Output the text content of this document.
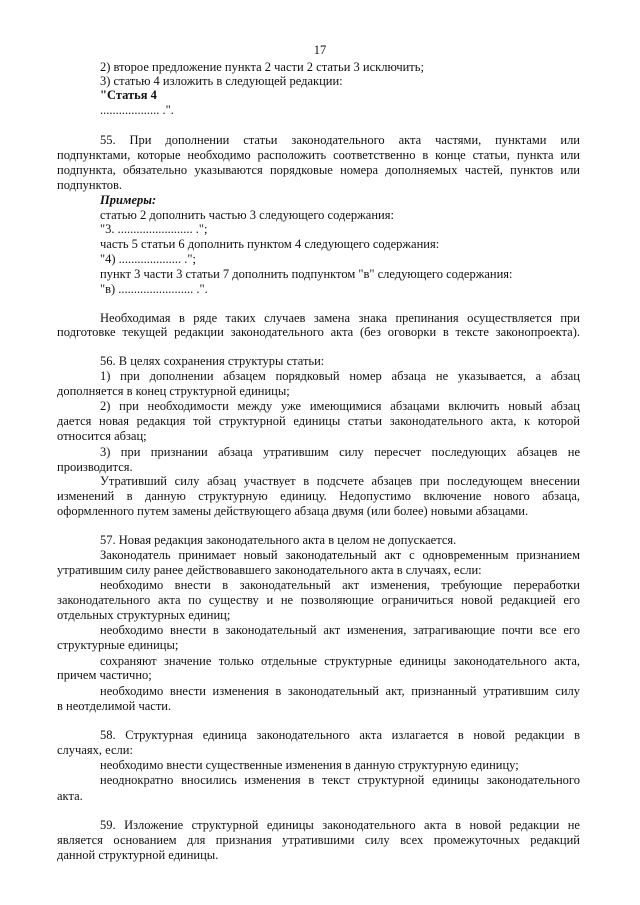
17
2) второе предложение пункта 2 части 2 статьи 3 исключить;
3) статью 4 изложить в следующей редакции:
"Статья 4
................... .".
55. При дополнении статьи законодательного акта частями, пунктами или
подпунктами, которые необходимо расположить соответственно в конце статьи, пункта или
подпункта, обязательно указываются порядковые номера дополняемых частей, пунктов или
подпунктов.
Примеры:
статью 2 дополнить частью 3 следующего содержания:
"3. ........................ .";
часть 5 статьи 6 дополнить пунктом 4 следующего содержания:
"4) .................... .";
пункт 3 части 3 статьи 7 дополнить подпунктом "в" следующего содержания:
"в) ........................ .".
Необходимая в ряде таких случаев замена знака препинания осуществляется при
подготовке текущей редакции законодательного акта (без оговорки в тексте законопроекта).
56. В целях сохранения структуры статьи:
1) при дополнении абзацем порядковый номер абзаца не указывается, а абзац
дополняется в конец структурной единицы;
2) при необходимости между уже имеющимися абзацами включить новый абзац
дается новая редакция той структурной единицы статьи законодательного акта, к которой
относится абзац;
3) при признании абзаца утратившим силу пересчет последующих абзацев не
производится.
Утративший силу абзац участвует в подсчете абзацев при последующем внесении
изменений в данную структурную единицу. Недопустимо включение нового абзаца,
оформленного путем замены действующего абзаца двумя (или более) новыми абзацами.
57. Новая редакция законодательного акта в целом не допускается.
Законодатель принимает новый законодательный акт с одновременным признанием
утратившим силу ранее действовавшего законодательного акта в случаях, если:
необходимо внести в законодательный акт изменения, требующие переработки
законодательного акта по существу и не позволяющие ограничиться новой редакцией его
отдельных структурных единиц;
необходимо внести в законодательный акт изменения, затрагивающие почти все его
структурные единицы;
сохраняют значение только отдельные структурные единицы законодательного акта,
причем частично;
необходимо внести изменения в законодательный акт, признанный утратившим силу
в неотделимой части.
58. Структурная единица законодательного акта излагается в новой редакции в
случаях, если:
необходимо внести существенные изменения в данную структурную единицу;
неоднократно вносились изменения в текст структурной единицы законодательного
акта.
59. Изложение структурной единицы законодательного акта в новой редакции не
является основанием для признания утратившими силу всех промежуточных редакций
данной структурной единицы.
